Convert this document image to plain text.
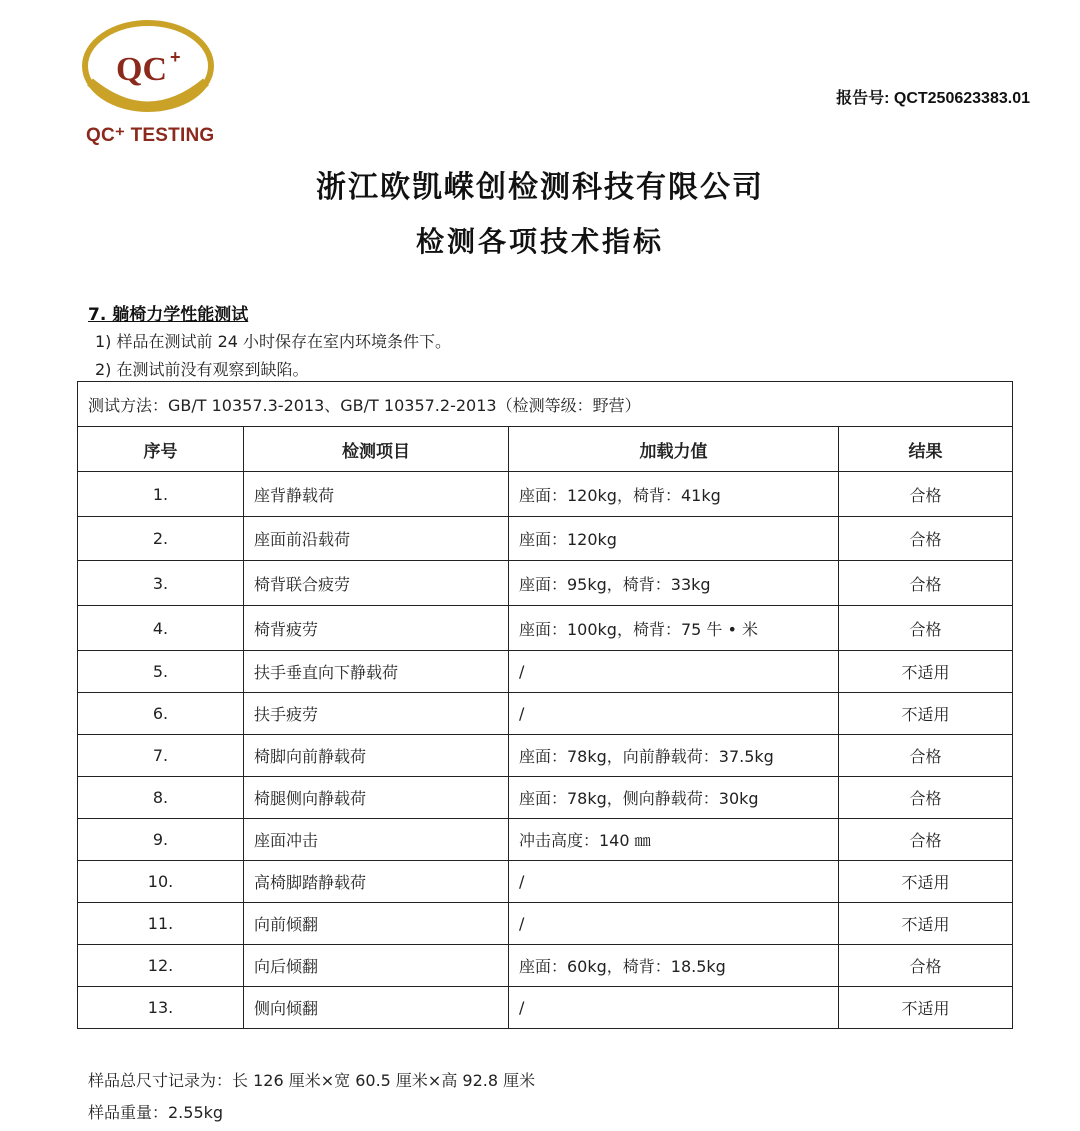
QC +
QC⁺ TESTING
报告号: QCT250623383.01
浙江欧凯嵘创检测科技有限公司
检测各项技术指标
7. 躺椅力学性能测试
1) 样品在测试前 24 小时保存在室内环境条件下。
2) 在测试前没有观察到缺陷。
测试方法：GB/T 10357.3-2013、GB/T 10357.2-2013（检测等级：野营）			
序号	检测项目	加载力值	结果
1.	座背静载荷	座面：120kg，椅背：41kg	合格
2.	座面前沿载荷	座面：120kg	合格
3.	椅背联合疲劳	座面：95kg，椅背：33kg	合格
4.	椅背疲劳	座面：100kg，椅背：75 牛 • 米	合格
5.	扶手垂直向下静载荷	/	不适用
6.	扶手疲劳	/	不适用
7.	椅脚向前静载荷	座面：78kg，向前静载荷：37.5kg	合格
8.	椅腿侧向静载荷	座面：78kg，侧向静载荷：30kg	合格
9.	座面冲击	冲击高度：140 ㎜	合格
10.	高椅脚踏静载荷	/	不适用
11.	向前倾翻	/	不适用
12.	向后倾翻	座面：60kg，椅背：18.5kg	合格
13.	侧向倾翻	/	不适用
样品总尺寸记录为：长 126 厘米×宽 60.5 厘米×高 92.8 厘米
样品重量：2.55kg
